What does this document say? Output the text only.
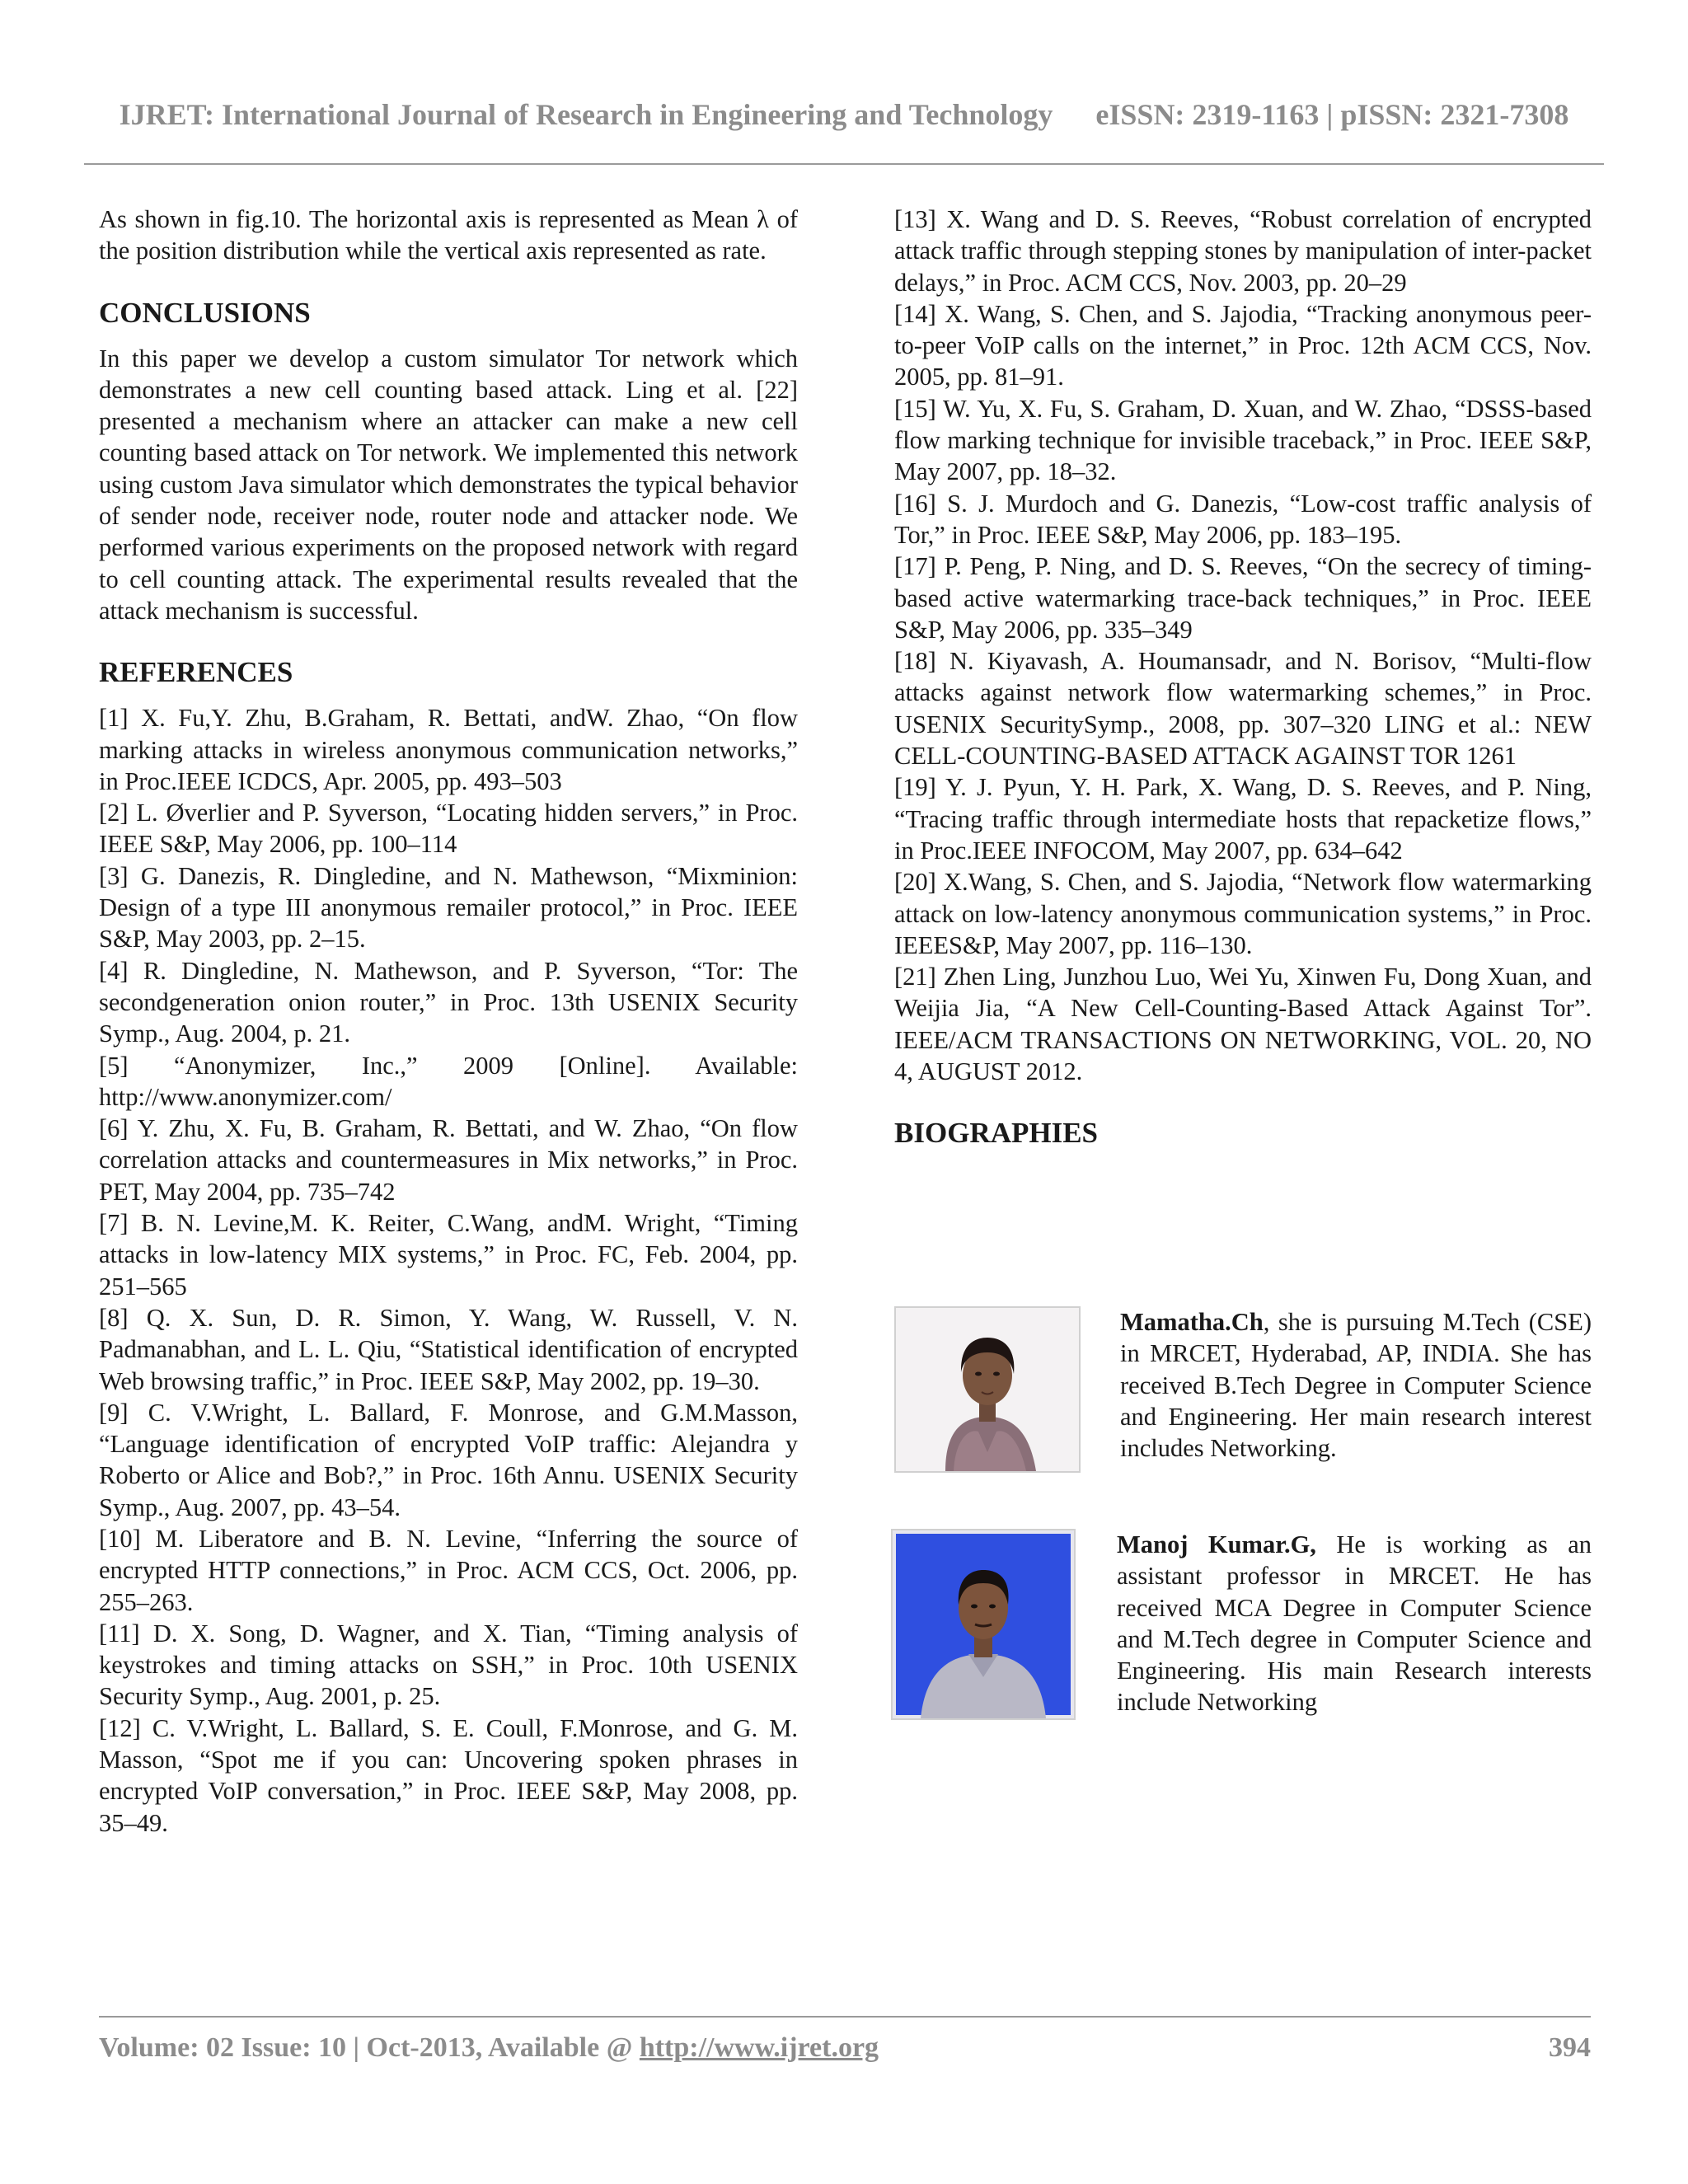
IJRET: International Journal of Research in Engineering and Technology eISSN: 2319-1163 | pISSN: 2321-7308

As shown in fig.10. The horizontal axis is represented as Mean λ of the position distribution while the vertical axis represented as rate.

CONCLUSIONS

In this paper we develop a custom simulator Tor network which demonstrates a new cell counting based attack. Ling et al. [22] presented a mechanism where an attacker can make a new cell counting based attack on Tor network. We implemented this network using custom Java simulator which demonstrates the typical behavior of sender node, receiver node, router node and attacker node. We performed various experiments on the proposed network with regard to cell counting attack. The experimental results revealed that the attack mechanism is successful.

REFERENCES

[1] X. Fu,Y. Zhu, B.Graham, R. Bettati, andW. Zhao, “On flow marking attacks in wireless anonymous communication networks,” in Proc.IEEE ICDCS, Apr. 2005, pp. 493–503

[2] L. Øverlier and P. Syverson, “Locating hidden servers,” in Proc. IEEE S&P, May 2006, pp. 100–114

[3] G. Danezis, R. Dingledine, and N. Mathewson, “Mixminion: Design of a type III anonymous remailer protocol,” in Proc. IEEE S&P, May 2003, pp. 2–15.

[4] R. Dingledine, N. Mathewson, and P. Syverson, “Tor: The secondgeneration onion router,” in Proc. 13th USENIX Security Symp., Aug. 2004, p. 21.

[5] “Anonymizer, Inc.,” 2009 [Online]. Available: http://www.anonymizer.com/

[6] Y. Zhu, X. Fu, B. Graham, R. Bettati, and W. Zhao, “On flow correlation attacks and countermeasures in Mix networks,” in Proc. PET, May 2004, pp. 735–742

[7] B. N. Levine,M. K. Reiter, C.Wang, andM. Wright, “Timing attacks in low-latency MIX systems,” in Proc. FC, Feb. 2004, pp. 251–565

[8] Q. X. Sun, D. R. Simon, Y. Wang, W. Russell, V. N. Padmanabhan, and L. L. Qiu, “Statistical identification of encrypted Web browsing traffic,” in Proc. IEEE S&P, May 2002, pp. 19–30.

[9] C. V.Wright, L. Ballard, F. Monrose, and G.M.Masson, “Language identification of encrypted VoIP traffic: Alejandra y Roberto or Alice and Bob?,” in Proc. 16th Annu. USENIX Security Symp., Aug. 2007, pp. 43–54.

[10] M. Liberatore and B. N. Levine, “Inferring the source of encrypted HTTP connections,” in Proc. ACM CCS, Oct. 2006, pp. 255–263.

[11] D. X. Song, D. Wagner, and X. Tian, “Timing analysis of keystrokes and timing attacks on SSH,” in Proc. 10th USENIX Security Symp., Aug. 2001, p. 25.

[12] C. V.Wright, L. Ballard, S. E. Coull, F.Monrose, and G. M. Masson, “Spot me if you can: Uncovering spoken phrases in encrypted VoIP conversation,” in Proc. IEEE S&P, May 2008, pp. 35–49.

[13] X. Wang and D. S. Reeves, “Robust correlation of encrypted attack traffic through stepping stones by manipulation of inter-packet delays,” in Proc. ACM CCS, Nov. 2003, pp. 20–29

[14] X. Wang, S. Chen, and S. Jajodia, “Tracking anonymous peer-to-peer VoIP calls on the internet,” in Proc. 12th ACM CCS, Nov. 2005, pp. 81–91.

[15] W. Yu, X. Fu, S. Graham, D. Xuan, and W. Zhao, “DSSS-based flow marking technique for invisible traceback,” in Proc. IEEE S&P, May 2007, pp. 18–32.

[16] S. J. Murdoch and G. Danezis, “Low-cost traffic analysis of Tor,” in Proc. IEEE S&P, May 2006, pp. 183–195.

[17] P. Peng, P. Ning, and D. S. Reeves, “On the secrecy of timing-based active watermarking trace-back techniques,” in Proc. IEEE S&P, May 2006, pp. 335–349

[18] N. Kiyavash, A. Houmansadr, and N. Borisov, “Multi-flow attacks against network flow watermarking schemes,” in Proc. USENIX SecuritySymp., 2008, pp. 307–320 LING et al.: NEW CELL-COUNTING-BASED ATTACK AGAINST TOR 1261

[19] Y. J. Pyun, Y. H. Park, X. Wang, D. S. Reeves, and P. Ning, “Tracing traffic through intermediate hosts that repacketize flows,” in Proc.IEEE INFOCOM, May 2007, pp. 634–642

[20] X.Wang, S. Chen, and S. Jajodia, “Network flow watermarking attack on low-latency anonymous communication systems,” in Proc. IEEES&P, May 2007, pp. 116–130.

[21] Zhen Ling, Junzhou Luo, Wei Yu, Xinwen Fu, Dong Xuan, and Weijia Jia, “A New Cell-Counting-Based Attack Against Tor”. IEEE/ACM TRANSACTIONS ON NETWORKING, VOL. 20, NO 4, AUGUST 2012.

BIOGRAPHIES
Mamatha.Ch, she is pursuing M.Tech (CSE) in MRCET, Hyderabad, AP, INDIA. She has received B.Tech Degree in Computer Science and Engineering. Her main research interest includes Networking.
Manoj Kumar.G, He is working as an assistant professor in MRCET. He has received MCA Degree in Computer Science and M.Tech degree in Computer Science and Engineering. His main Research interests include Networking
Volume: 02 Issue: 10 | Oct-2013, Available @ http://www.ijret.org	394
